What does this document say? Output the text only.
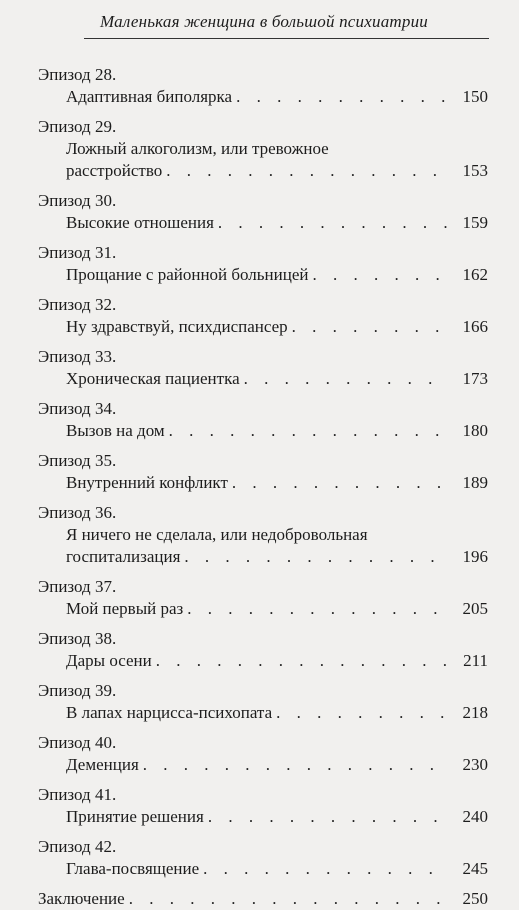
Маленькая женщина в большой психиатрии
Эпизод 28.
Адаптивная биполярка . . .	150
Эпизод 29.
Ложный алкоголизм, или тревожное
расстройство . . .	153
Эпизод 30.
Высокие отношения . . .	159
Эпизод 31.
Прощание с районной больницей . . .	162
Эпизод 32.
Ну здравствуй, психдиспансер . . .	166
Эпизод 33.
Хроническая пациентка . . .	173
Эпизод 34.
Вызов на дом . . .	180
Эпизод 35.
Внутренний конфликт . . .	189
Эпизод 36.
Я ничего не сделала, или недобровольная
госпитализация . . .	196
Эпизод 37.
Мой первый раз . . .	205
Эпизод 38.
Дары осени . . .	211
Эпизод 39.
В лапах нарцисса-психопата . . .	218
Эпизод 40.
Деменция . . .	230
Эпизод 41.
Принятие решения . . .	240
Эпизод 42.
Глава-посвящение . . .	245
Заключение . . .	250
